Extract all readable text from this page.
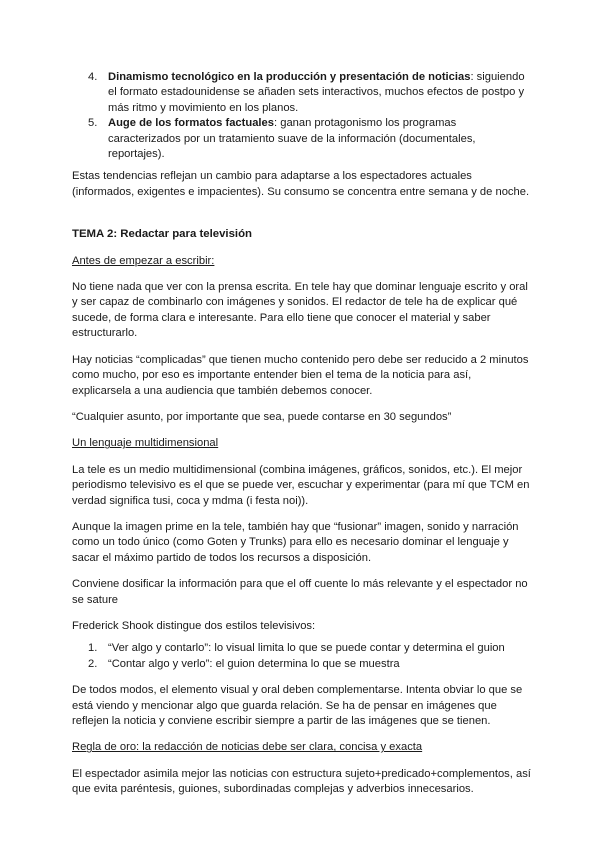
4. Dinamismo tecnológico en la producción y presentación de noticias: siguiendo el formato estadounidense se añaden sets interactivos, muchos efectos de postpo y más ritmo y movimiento en los planos.
5. Auge de los formatos factuales: ganan protagonismo los programas caracterizados por un tratamiento suave de la información (documentales, reportajes).

Estas tendencias reflejan un cambio para adaptarse a los espectadores actuales (informados, exigentes e impacientes). Su consumo se concentra entre semana y de noche.

TEMA 2: Redactar para televisión

Antes de empezar a escribir:

No tiene nada que ver con la prensa escrita. En tele hay que dominar lenguaje escrito y oral y ser capaz de combinarlo con imágenes y sonidos. El redactor de tele ha de explicar qué sucede, de forma clara e interesante. Para ello tiene que conocer el material y saber estructurarlo.

Hay noticias “complicadas” que tienen mucho contenido pero debe ser reducido a 2 minutos como mucho, por eso es importante entender bien el tema de la noticia para así, explicarsela a una audiencia que también debemos conocer.

“Cualquier asunto, por importante que sea, puede contarse en 30 segundos”

Un lenguaje multidimensional

La tele es un medio multidimensional (combina imágenes, gráficos, sonidos, etc.). El mejor periodismo televisivo es el que se puede ver, escuchar y experimentar (para mí que TCM en verdad significa tusi, coca y mdma (i festa noi)).

Aunque la imagen prime en la tele, también hay que “fusionar” imagen, sonido y narración como un todo único (como Goten y Trunks) para ello es necesario dominar el lenguaje y sacar el máximo partido de todos los recursos a disposición.

Conviene dosificar la información para que el off cuente lo más relevante y el espectador no se sature

Frederick Shook distingue dos estilos televisivos:

1. “Ver algo y contarlo”: lo visual limita lo que se puede contar y determina el guion
2. “Contar algo y verlo”: el guion determina lo que se muestra

De todos modos, el elemento visual y oral deben complementarse. Intenta obviar lo que se está viendo y mencionar algo que guarda relación. Se ha de pensar en imágenes que reflejen la noticia y conviene escribir siempre a partir de las imágenes que se tienen.

Regla de oro: la redacción de noticias debe ser clara, concisa y exacta

El espectador asimila mejor las noticias con estructura sujeto+predicado+complementos, así que evita paréntesis, guiones, subordinadas complejas y adverbios innecesarios.
